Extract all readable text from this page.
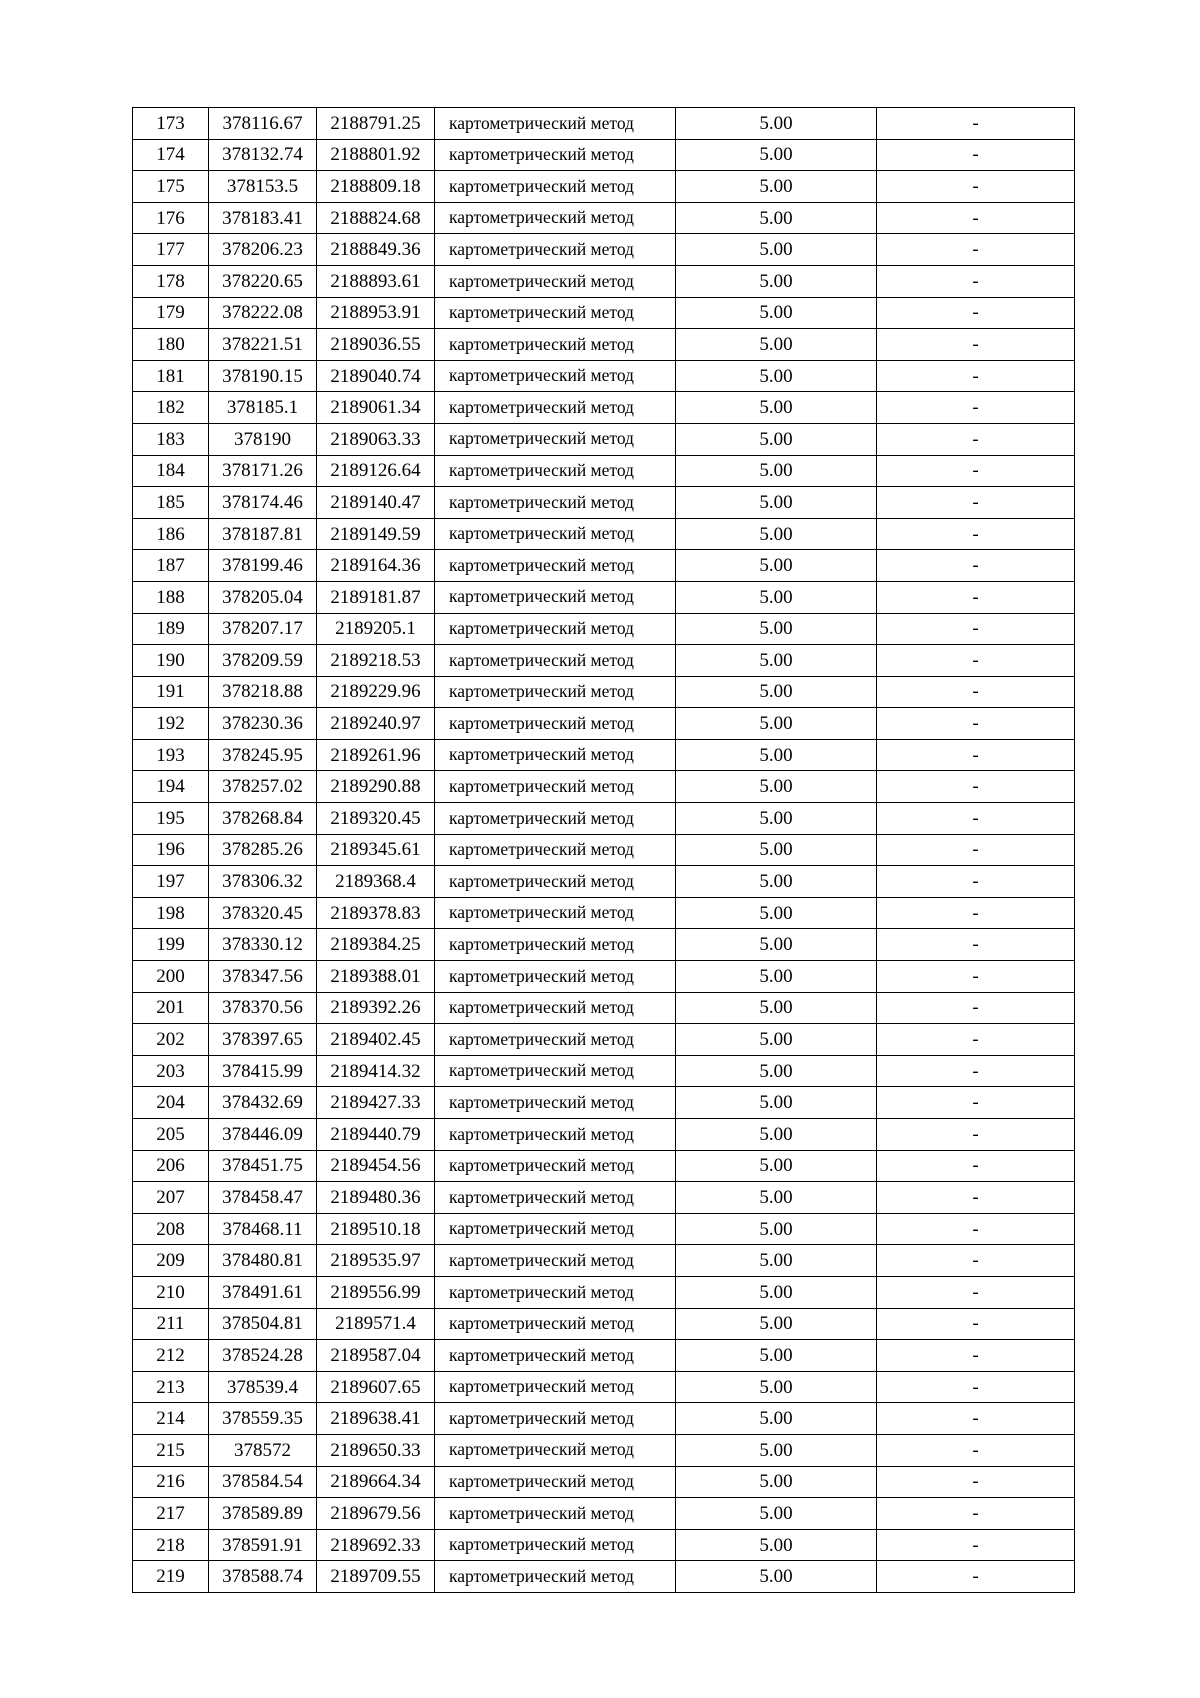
173	378116.67	2188791.25	картометрический метод	5.00	-
174	378132.74	2188801.92	картометрический метод	5.00	-
175	378153.5	2188809.18	картометрический метод	5.00	-
176	378183.41	2188824.68	картометрический метод	5.00	-
177	378206.23	2188849.36	картометрический метод	5.00	-
178	378220.65	2188893.61	картометрический метод	5.00	-
179	378222.08	2188953.91	картометрический метод	5.00	-
180	378221.51	2189036.55	картометрический метод	5.00	-
181	378190.15	2189040.74	картометрический метод	5.00	-
182	378185.1	2189061.34	картометрический метод	5.00	-
183	378190	2189063.33	картометрический метод	5.00	-
184	378171.26	2189126.64	картометрический метод	5.00	-
185	378174.46	2189140.47	картометрический метод	5.00	-
186	378187.81	2189149.59	картометрический метод	5.00	-
187	378199.46	2189164.36	картометрический метод	5.00	-
188	378205.04	2189181.87	картометрический метод	5.00	-
189	378207.17	2189205.1	картометрический метод	5.00	-
190	378209.59	2189218.53	картометрический метод	5.00	-
191	378218.88	2189229.96	картометрический метод	5.00	-
192	378230.36	2189240.97	картометрический метод	5.00	-
193	378245.95	2189261.96	картометрический метод	5.00	-
194	378257.02	2189290.88	картометрический метод	5.00	-
195	378268.84	2189320.45	картометрический метод	5.00	-
196	378285.26	2189345.61	картометрический метод	5.00	-
197	378306.32	2189368.4	картометрический метод	5.00	-
198	378320.45	2189378.83	картометрический метод	5.00	-
199	378330.12	2189384.25	картометрический метод	5.00	-
200	378347.56	2189388.01	картометрический метод	5.00	-
201	378370.56	2189392.26	картометрический метод	5.00	-
202	378397.65	2189402.45	картометрический метод	5.00	-
203	378415.99	2189414.32	картометрический метод	5.00	-
204	378432.69	2189427.33	картометрический метод	5.00	-
205	378446.09	2189440.79	картометрический метод	5.00	-
206	378451.75	2189454.56	картометрический метод	5.00	-
207	378458.47	2189480.36	картометрический метод	5.00	-
208	378468.11	2189510.18	картометрический метод	5.00	-
209	378480.81	2189535.97	картометрический метод	5.00	-
210	378491.61	2189556.99	картометрический метод	5.00	-
211	378504.81	2189571.4	картометрический метод	5.00	-
212	378524.28	2189587.04	картометрический метод	5.00	-
213	378539.4	2189607.65	картометрический метод	5.00	-
214	378559.35	2189638.41	картометрический метод	5.00	-
215	378572	2189650.33	картометрический метод	5.00	-
216	378584.54	2189664.34	картометрический метод	5.00	-
217	378589.89	2189679.56	картометрический метод	5.00	-
218	378591.91	2189692.33	картометрический метод	5.00	-
219	378588.74	2189709.55	картометрический метод	5.00	-
